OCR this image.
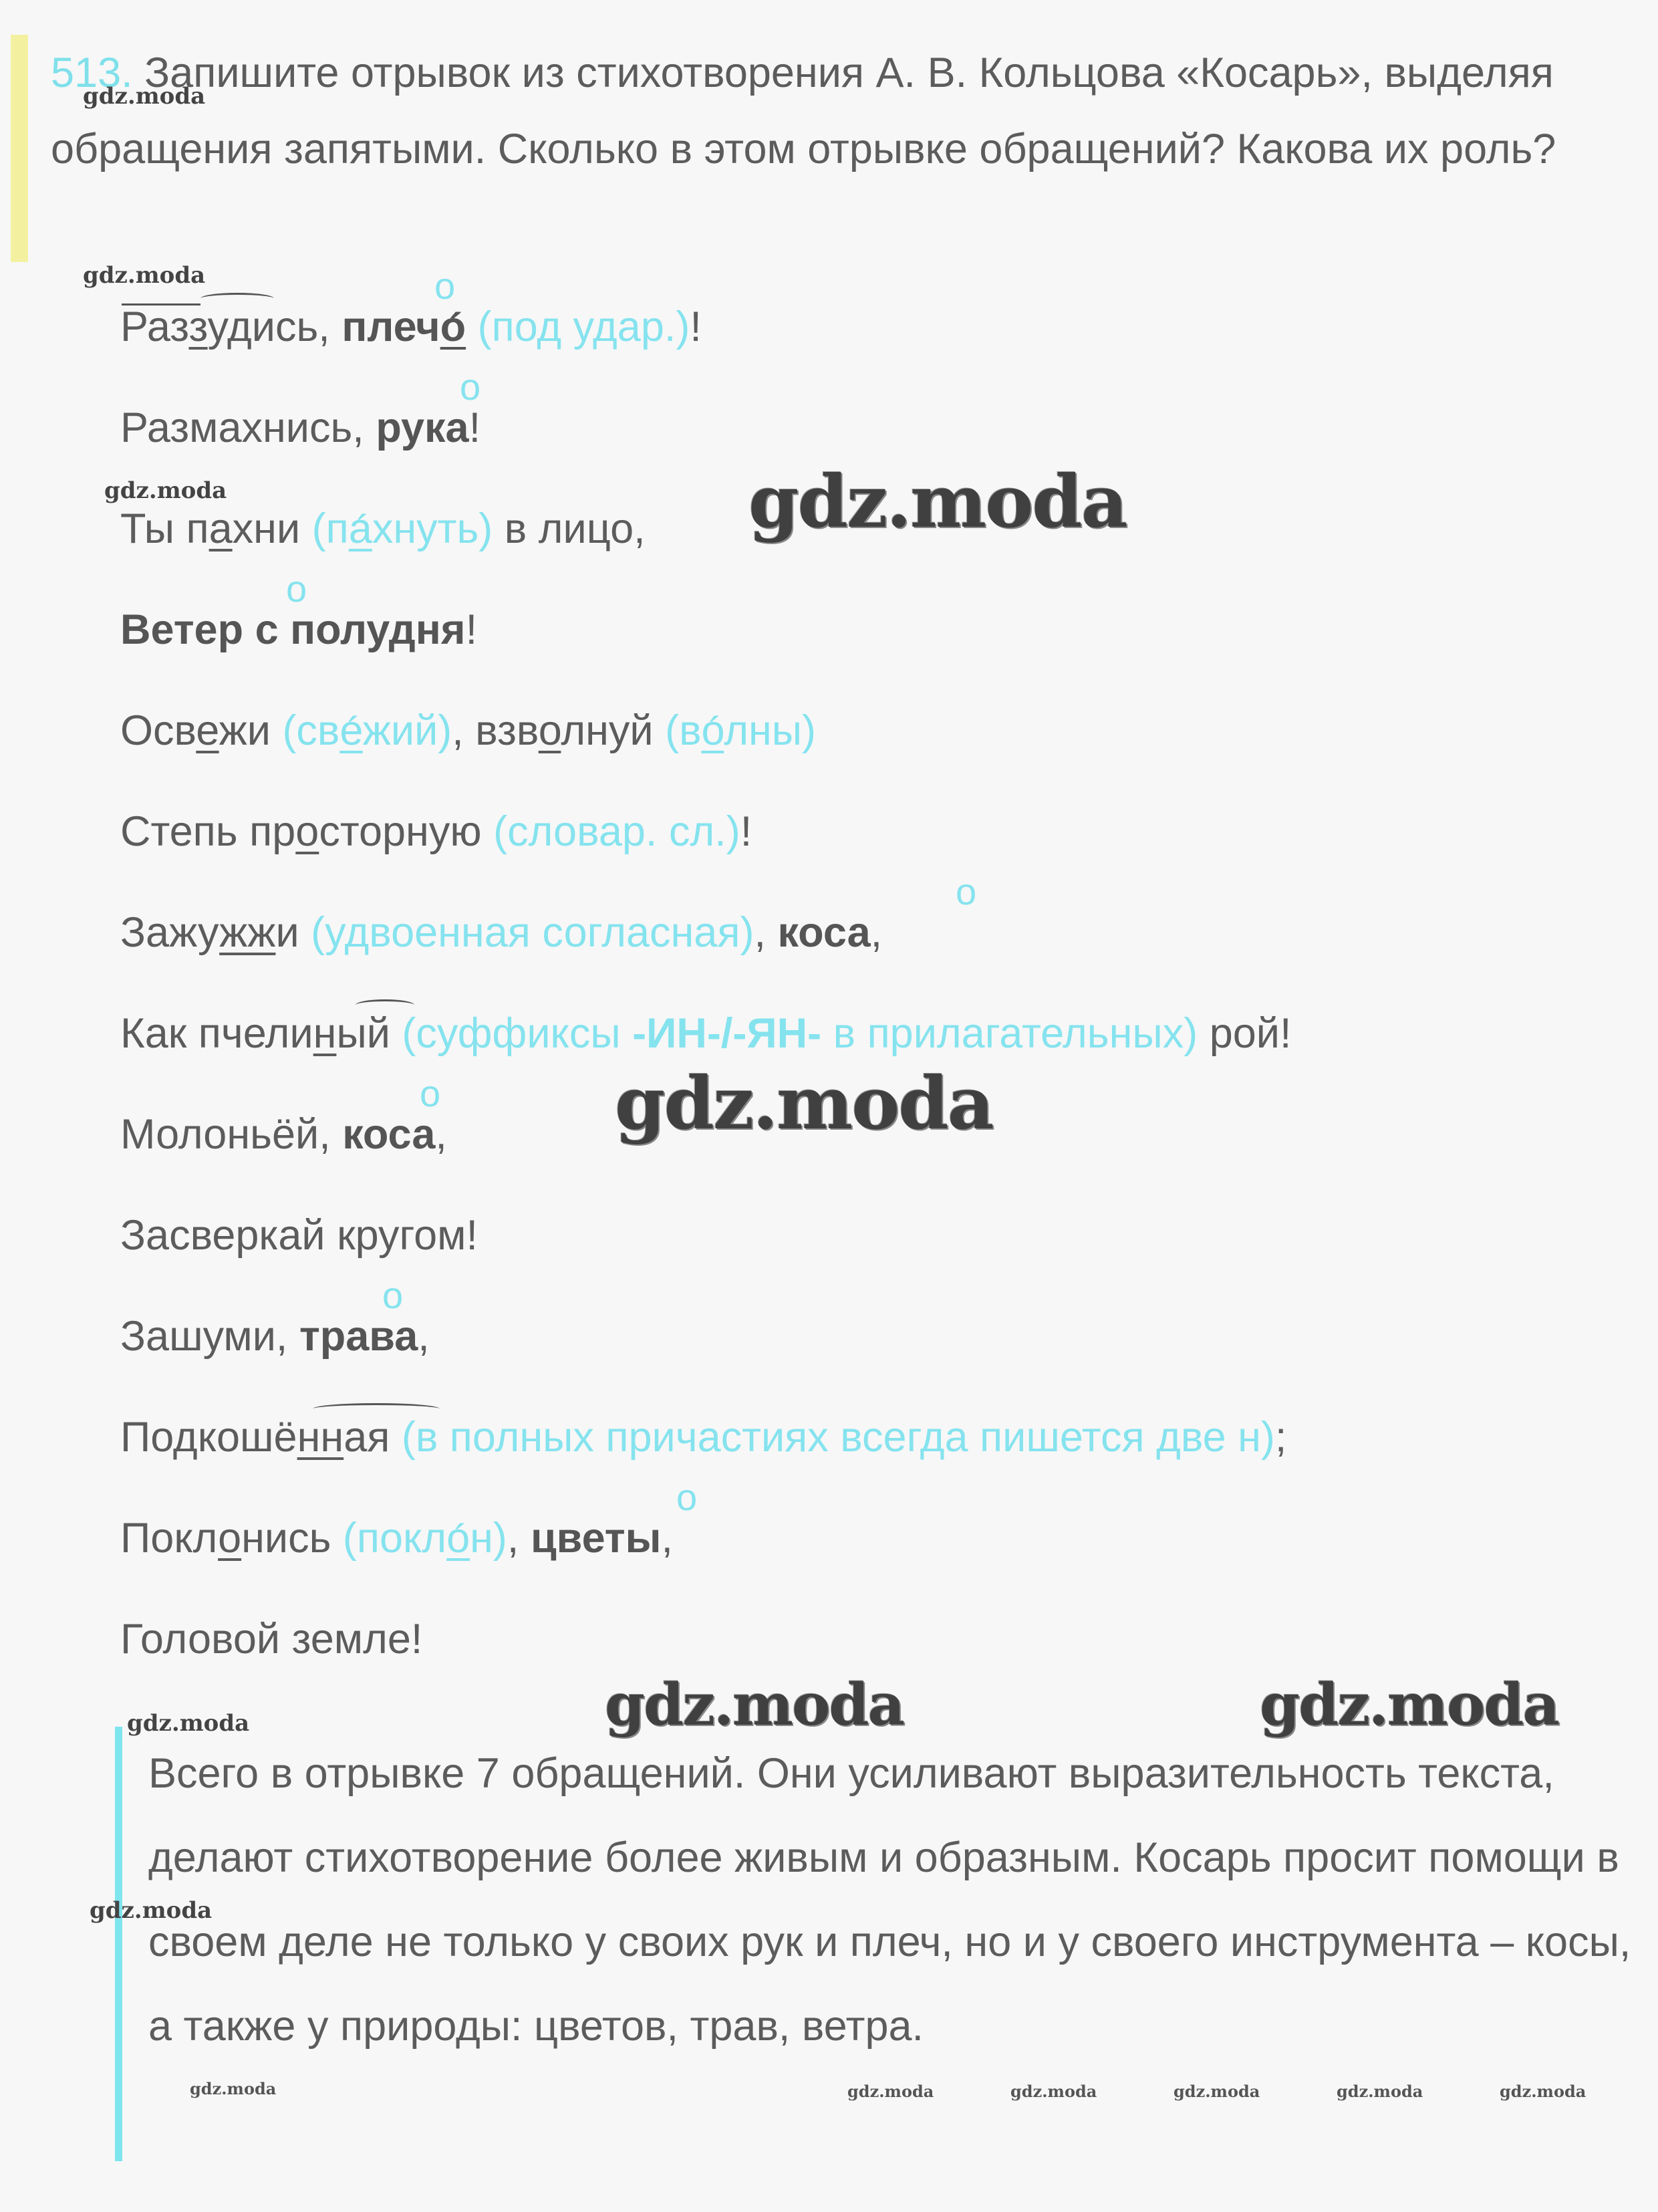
513. Запишите отрывок из стихотворения А. В. Кольцова «Косарь», выделяя обращения запятыми. Сколько в этом отрывке обращений? Какова их роль?
Раззудись, плеч´ о
о
(под удар.)!
о
Размахнись, рука!
Ты пахни (п´ ахнуть) в лицо,
о
Ветер с полудня!
Освежи (св´ ежий), взволнуй (в´ олны)
Степь просторную (словар. сл.)!
о
Зажужжи (удвоенная согласная), коса,
Как пчелиный (суффиксы -ИН-/-ЯН- в прилагательных) рой!
о
Молоньёй, коса,
Засверкай кругом!
о
Зашуми, трава,
Подкошённая (в полных причастиях всегда пишется две н);
о
Поклонись (покл´ он), цветы,
Головой земле!
Всего в отрывке 7 обращений. Они усиливают выразительность текста, делают стихотворение более живым и образным. Косарь просит помощи в своем деле не только у своих рук и плеч, но и у своего инструмента – косы, а также у природы: цветов, трав, ветра.
gdz.moda
gdz.moda
gdz.moda	gdz.moda
gdz.moda
gdz.moda
gdz.moda
gdz.moda
gdz.moda
gdz.moda	gdz.moda	gdz.moda	gdz.moda	gdz.moda	gdz.moda
